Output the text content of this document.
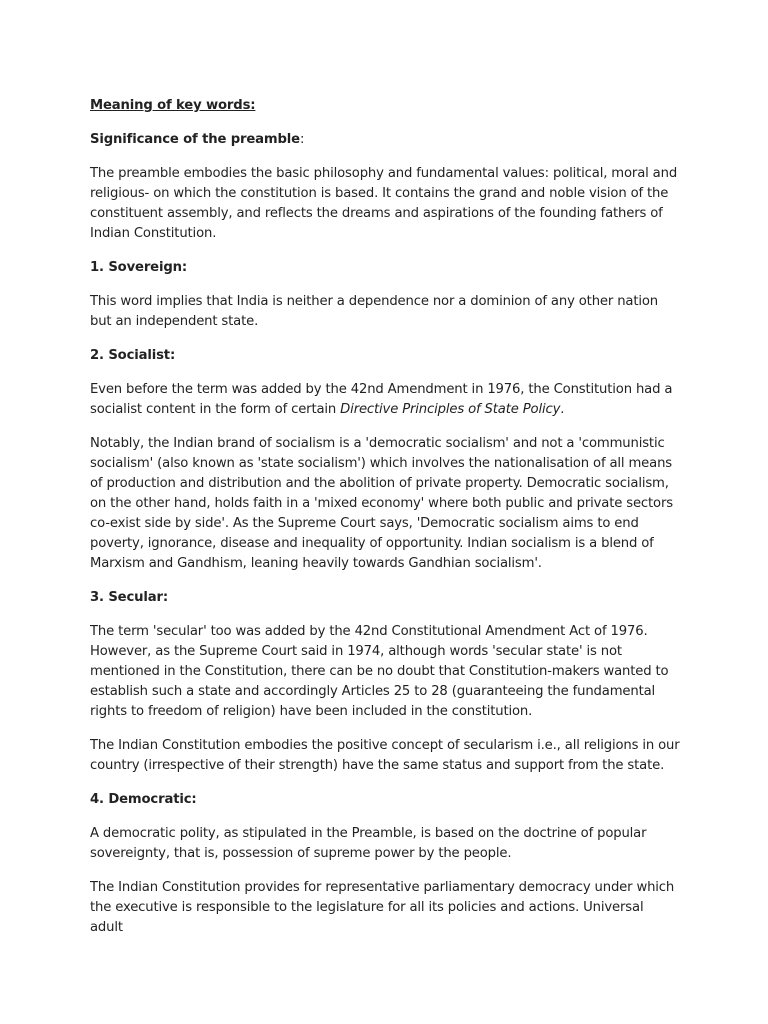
Meaning of key words:

Significance of the preamble:

The preamble embodies the basic philosophy and fundamental values: political, moral and religious- on which the constitution is based. It contains the grand and noble vision of the constituent assembly, and reflects the dreams and aspirations of the founding fathers of Indian Constitution.

1. Sovereign:

This word implies that India is neither a dependence nor a dominion of any other nation but an independent state.

2. Socialist:

Even before the term was added by the 42nd Amendment in 1976, the Constitution had a socialist content in the form of certain Directive Principles of State Policy.

Notably, the Indian brand of socialism is a 'democratic socialism' and not a 'communistic socialism' (also known as 'state socialism') which involves the nationalisation of all means of production and distribution and the abolition of private property. Democratic socialism, on the other hand, holds faith in a 'mixed economy' where both public and private sectors co-exist side by side'. As the Supreme Court says, 'Democratic socialism aims to end poverty, ignorance, disease and inequality of opportunity. Indian socialism is a blend of Marxism and Gandhism, leaning heavily towards Gandhian socialism'.

3. Secular:

The term 'secular' too was added by the 42nd Constitutional Amendment Act of 1976. However, as the Supreme Court said in 1974, although words 'secular state' is not mentioned in the Constitution, there can be no doubt that Constitution-makers wanted to establish such a state and accordingly Articles 25 to 28 (guaranteeing the fundamental rights to freedom of religion) have been included in the constitution.

The Indian Constitution embodies the positive concept of secularism i.e., all religions in our country (irrespective of their strength) have the same status and support from the state.

4. Democratic:

A democratic polity, as stipulated in the Preamble, is based on the doctrine of popular sovereignty, that is, possession of supreme power by the people.

The Indian Constitution provides for representative parliamentary democracy under which the executive is responsible to the legislature for all its policies and actions. Universal adult
